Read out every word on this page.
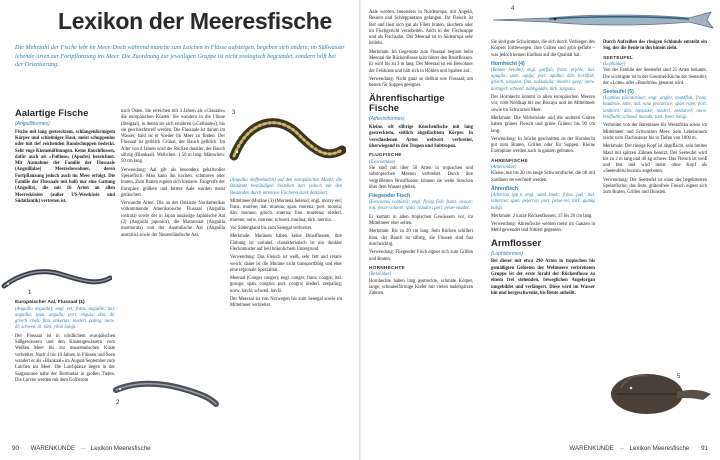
Lexikon der Meeresfische
Die Mehrzahl der Fische lebt im Meer. Doch während manche zum Laichen in Flüsse aufsteigen, begeben sich andere, im Süßwasser lebende Arten zur Fortpflanzung ins Meer. Die Zuordnung zur jeweiligen Gruppe ist nicht zoologisch begründet, sondern hilft bei der Orientierung.
Aalartige Fische
(Anguilliformes)

Fische mit lang gestrecktem, schlangenförmigem Körper und schleimiger Haut, meist schuppenlos oder mit tief reichenden Rundschuppen bedeckt. Sehr enge Kiemenöffnungen. Keine Bauchflossen, dafür auch als »Fußlose« (Apodes) bezeichnet. Mit Ausnahme der Familie der Flussaale (Anguillidae) Meeresbewohner, deren Fortpflanzung jedoch auch im Meer erfolgt. Die Familie der Flussaale mit halb nur eine Gattung (Anguilla), die mit 16 Arten an allen Meeresküsten (außer US-Westküste und Südatlantik) vertreten ist.

1
Europäischer Aal, Flussaal (1)

(Anguilla anguilla); engl. eel; franz. anguille; ital. anguilla; span. anguila; port. enguia; dän. ål; griech. chéli; finn. ankerias; niederl. paling; norw. ål; schwed. ål; türk. yilan balığı.

Der Flussaal ist in nördlichem europäischen Süßgewässern und den Küstengewässern vom Weißen Meer bis zur mauretanischen Küste verbreitet. Nach 4 bis 10 Jahren in Flüssen und Seen wandert er als »Blankaal« im August/September zum Laichen ins Meer. Die Laichplätze liegen in der Sargassosee nahe der Bermudas in großen Tiefen. Die Larven werden mit dem Golfstrom

nach Osten. Sie erreichen mit 3 Jahren als »Glasaale« die europäischen Küsten. Sie wandern in die Flüsse (Steigaal), in denen sie sich ernähren (»Gelbaale«), bis sie geschlechtsreif werden. Die Flussaale ist darum im Wasser, bald ist er wieder im Meer zu finden. Der Flussaal ist gelblich Grünal, der Bauch gelblich. Im Alter von 4 Jahren wird der Rücken dunkler, der Bauch silbrig (Blankaal). Weibchen: 1,50 m lang. Männchen: 50 cm lang.

Verwendung: Aal gilt als besonders gehaltvoller Speisefisch. Man kann ihn kochen, schmoren oder braten. Zum Braten eignen sich kleinere. Fangreife der Europäer; größere und fettere Aale werden meist geräuchert.

Verwandte Arten: Die an der Ostküste Nordamerikas vorkommende Amerikanische Flussaal (Anguilla rostrata) sowie der in Japan ansässige Japanische Aal (2) (Anguilla japonica), die Marmoraal (Anguilla marmorata) und der Australische Aal (Anguilla australis) sowie der Neuseeländische Aal.

2
3

(Anguilla dieffenbachii) auf den europäischen Markt; die Bestände beständigen bestehen dort jedoch mit den Beständen durch intensive Fischerei stark dezimiert.

Mittelmeer-Muräne (3) (Muraena helena); engl. moray eel; franz. murène; ital. murena; span. morena; port. moreia; dän. murane; griech. smerna; finn. mureena; niederl. murene; norw. murene; schwed. muräna; türk. merina.

Vor Südengland bis zum Senegal verbreitet.

Merkmale: Muränen haben keine Brustflossen, ihre Färbung ist variabel, charakteristisch ist ein dunkler Flecknmuster auf hell bräunlichem Untergrund.

Verwendung: Das Fleisch ist weiß, sehr fett und relativ weich; daher ist die Muräne nicht transportfähig und eher eine regionale Spezialität.

Meeraal (Conger conger); engl. conger; franz. congre; ital. grongo; span. congrio; port. congro; niederl. zeepaling; norw. havål; schwed. havål.

Der Meeraal ist von Norwegen bis zum Senegal sowie im Mittelmeer verbreitet.

90 WARENKUNDE → Lexikon Meeresfische

Aale werden, besonders in Nordeuropa, mit Angeln, Reusen und Schleppnetzen gefangen. Ihr Fleisch ist fest und lässt sich gut als Filets braten, räuchern oder im Fischgericht verarbeiten. Auch in der Fischsuppe und als Fischsalat. Der Meeraal ist in Südeuropa sehr beliebt.

Merkmale: Im Gegensatz zum Flussaal beginnt beim Meeraal die Rückenflosse kurz hinter den Brustflossen. Er wird bis zu 3 m lang. Der Meeraal ist ein Bewohner der Felsküste und hält sich in Höhlen und Spalten auf.

Verwendung: Nicht ganz so delikat wie Flussaal; am besten für Suppen geeignet.

Ährenfischartige Fische
(Atheriniformes)

Kleine, oft silbrige Knochenfische mit lang gestrecktem, seitlich abgeflachtem Körper. In verschiedenen Arten weltweit verbreitet, überwiegend in den Tropen und Subtropen.

FLUGFISCHE
(Exocoetidae)

Sie sind mit über 50 Arten in tropischen und subtropischen Meeren verbreitet. Durch ihre vergrößerten Brustflossen können sie weite Strecken über dem Wasser gleiten.

Fliegender Fisch

(Exocoetus volitans); engl. flying fish; franz. exocet; ital. pesce volante; span. volador; port. peixe-voador.

Er kommt in allen tropischen Gewässern vor, im Mittelmeer eher selten.

Merkmale: Bis zu 20 cm lang. Sein Rücken schillert blau, der Bauch ist silbrig, die Flossen sind fast durchsichtig.

Verwendung: Fliegender Fisch eignet sich zum Grillen und Braten.

HORNHECHTE
(Belonidae)

Hornhechte haben lang gestreckte, schmale Körper, lange, schnabelförmige Kiefer mit vielen nadelspitzen Zähnen.

4

Sie sind gute Schwimmer, die sich durch Verbiegen des Körpers fortbewegen. Ihre Gräten sind grün gefärbt – was jedoch keinen Einfluss auf die Qualität hat.

Hornhecht (4)

(Belone belone); engl. garfish; franz. orphie; ital. aguglia; span. aguja; port. agulha; dän. hornfisk; griech. zargana; finn. nokkakala; niederl. geep; norw. horngjel; schwed. näbbgädda; türk. zargana.

Der Hornhecht kommt in allen europäischen Meeren vor, vom Nordkap bis zur Biscaya und im Mittelmeer sowie im Schwarzen Meer.

Merkmale: Die Wirbelsäule und die anderen Gräten haben grünes Fleisch und grüne Gräten; bis 90 cm lang.

Verwendung: In Stücke geschnitten ist der Hornhecht gut zum Braten, Grillen oder für Suppen. Kleine Exemplare werden auch in ganzen gebraten.

ÄHRENFISCHE
(Atherinidae)

Kleine, nur bis 20 cm lange Schwarmfische, die oft mit Sardinen verwechselt werden.

Ährenfisch

(Atherina spp.); engl. sand smelt; franz. joël; ital. latterino; span. pejerrey; port. peixe-rei; türk. gümüş balığı.

Merkmale: 2 kurze Rückenflossen; 15 bis 20 cm lang.

Verwendung: Ährenfische werden meist im Ganzen in Mehl gewendet und frittiert gegessen.

Armflosser
(Lophiiformes)

Bei dieser mit etwa 290 Arten in tropischen bis gemäßigten Gebieten der Weltmeere verbreiteten Gruppe ist der erste Strahl der Rückenflosse zu einem frei stehenden, beweglichen Angelorgan umgebildet und verlängert. Diese wird im Wasser hin und hergeschwenkt, bis Beute anbeißt.

Durch Aufreißen des riesigen Schlunds entsteht ein Sog, der die Beute in ihn hinein zieht.

SEETEUFEL
(Lophiidae)

Von der Familie der Seeteufel sind 25 Arten bekannt. Die wichtigste ist in der Gourmet-Küche der Seeteufel, der »Lotte« oder »Baudroie« genannt wird.

Seeteufel (5)

(Lophius piscatorius); engl. angler, monkfish; franz. baudroie, lotte; ital. rana pescatrice; span. rape; port. tamboril; dän. havtaske; niederl. zeeduivel; norw. breiflabb; schwed. marulk; türk. fener balığı.

Verbreitet von der Barentssee bis Westafrika sowie im Mittelmeer und Schwarzen Meer. Sein Lebensraum reicht vom Flachwasser bis in Tiefen von 1000 m.

Merkmale: Der riesige Kopf ist abgeflacht, sein breites Maul mit spitzen Zähnen besetzt. Der Seeteufel wird bis zu 2 m lang und 40 kg schwer. Das Fleisch ist weiß und fest und wird meist ohne Kopf als »Seeteufelschwanz« angeboten.

Verwendung: Der Seeteufel ist einer der begehrtesten Speisefische; das feste, grätenfreie Fleisch eignet sich zum Braten, Grillen und Dünsten.

5
WARENKUNDE → Lexikon Meeresfische 91
